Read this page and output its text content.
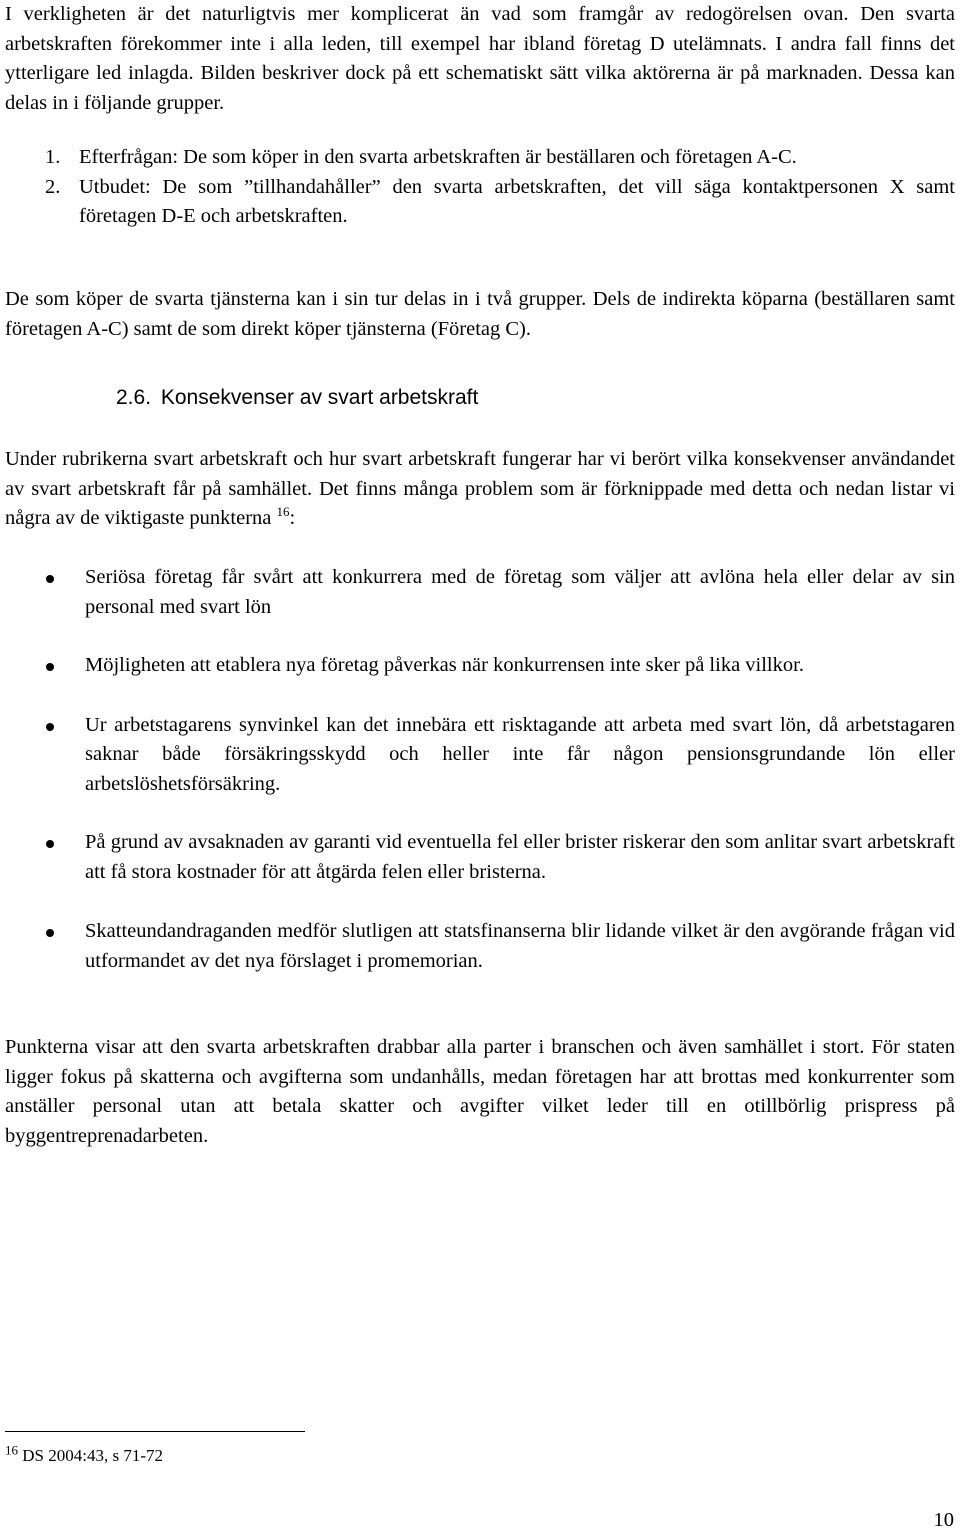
I verkligheten är det naturligtvis mer komplicerat än vad som framgår av redogörelsen ovan. Den svarta arbetskraften förekommer inte i alla leden, till exempel har ibland företag D utelämnats. I andra fall finns det ytterligare led inlagda. Bilden beskriver dock på ett schematiskt sätt vilka aktörerna är på marknaden. Dessa kan delas in i följande grupper.

1. Efterfrågan: De som köper in den svarta arbetskraften är beställaren och företagen A-C.
2. Utbudet: De som ”tillhandahåller” den svarta arbetskraften, det vill säga kontaktpersonen X samt företagen D-E och arbetskraften.

De som köper de svarta tjänsterna kan i sin tur delas in i två grupper. Dels de indirekta köparna (beställaren samt företagen A-C) samt de som direkt köper tjänsterna (Företag C).

2.6. Konsekvenser av svart arbetskraft

Under rubrikerna svart arbetskraft och hur svart arbetskraft fungerar har vi berört vilka konsekvenser användandet av svart arbetskraft får på samhället. Det finns många problem som är förknippade med detta och nedan listar vi några av de viktigaste punkterna $^{16}$:

Seriösa företag får svårt att konkurrera med de företag som väljer att avlöna hela eller delar av sin personal med svart lön
Möjligheten att etablera nya företag påverkas när konkurrensen inte sker på lika villkor.
Ur arbetstagarens synvinkel kan det innebära ett risktagande att arbeta med svart lön, då arbetstagaren saknar både försäkringsskydd och heller inte får någon pensionsgrundande lön eller arbetslöshetsförsäkring.
På grund av avsaknaden av garanti vid eventuella fel eller brister riskerar den som anlitar svart arbetskraft att få stora kostnader för att åtgärda felen eller bristerna.
Skatteundandraganden medför slutligen att statsfinanserna blir lidande vilket är den avgörande frågan vid utformandet av det nya förslaget i promemorian.

Punkterna visar att den svarta arbetskraften drabbar alla parter i branschen och även samhället i stort. För staten ligger fokus på skatterna och avgifterna som undanhålls, medan företagen har att brottas med konkurrenter som anställer personal utan att betala skatter och avgifter vilket leder till en otillbörlig prispress på byggentreprenadarbeten.

$^{16}$ DS 2004:43, s 71-72
10
